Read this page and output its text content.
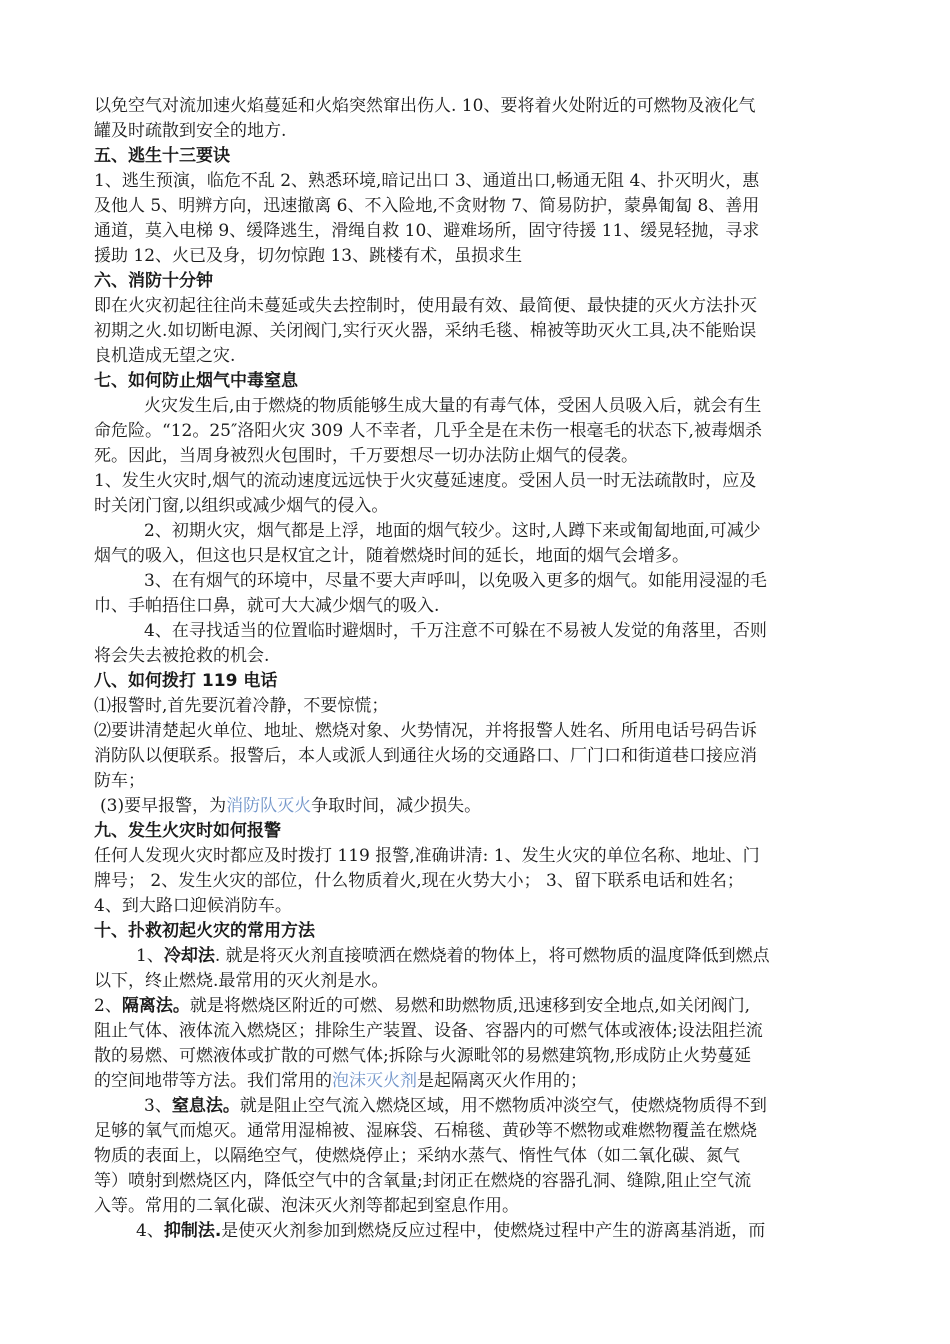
以免空气对流加速火焰蔓延和火焰突然窜出伤人. 10、要将着火处附近的可燃物及液化气
罐及时疏散到安全的地方.
五、逃生十三要诀
1、逃生预演，临危不乱 2、熟悉环境,暗记出口 3、通道出口,畅通无阻 4、扑灭明火，惠
及他人 5、明辨方向，迅速撤离 6、不入险地,不贪财物 7、简易防护，蒙鼻匍匐 8、善用
通道，莫入电梯 9、缓降逃生，滑绳自救 10、避难场所，固守待援 11、缓晃轻抛，寻求
援助 12、火已及身，切勿惊跑 13、跳楼有术，虽损求生
六、消防十分钟
即在火灾初起往往尚未蔓延或失去控制时，使用最有效、最简便、最快捷的灭火方法扑灭
初期之火.如切断电源、关闭阀门,实行灭火器，采纳毛毯、棉被等助灭火工具,决不能贻误
良机造成无望之灾.
七、如何防止烟气中毒窒息
火灾发生后,由于燃烧的物质能够生成大量的有毒气体，受困人员吸入后，就会有生
命危险。“12。25″洛阳火灾 309 人不幸者，几乎全是在未伤一根毫毛的状态下,被毒烟杀
死。因此，当周身被烈火包围时，千万要想尽一切办法防止烟气的侵袭。
1、发生火灾时,烟气的流动速度远远快于火灾蔓延速度。受困人员一时无法疏散时，应及
时关闭门窗,以组织或减少烟气的侵入。
2、初期火灾，烟气都是上浮，地面的烟气较少。这时,人蹲下来或匍匐地面,可减少
烟气的吸入，但这也只是权宜之计，随着燃烧时间的延长，地面的烟气会增多。
3、在有烟气的环境中，尽量不要大声呼叫，以免吸入更多的烟气。如能用浸湿的毛
巾、手帕捂住口鼻，就可大大减少烟气的吸入.
4、在寻找适当的位置临时避烟时，千万注意不可躲在不易被人发觉的角落里，否则
将会失去被抢救的机会.
八、如何拨打 119 电话
⑴报警时,首先要沉着冷静，不要惊慌；
⑵要讲清楚起火单位、地址、燃烧对象、火势情况，并将报警人姓名、所用电话号码告诉
消防队以便联系。报警后，本人或派人到通往火场的交通路口、厂门口和街道巷口接应消
防车；
(3)要早报警，为消防队灭火争取时间，减少损失。
九、发生火灾时如何报警
任何人发现火灾时都应及时拨打 119 报警,准确讲清: 1、发生火灾的单位名称、地址、门
牌号； 2、发生火灾的部位，什么物质着火,现在火势大小； 3、留下联系电话和姓名；
4、到大路口迎候消防车。
十、扑救初起火灾的常用方法
1、冷却法. 就是将灭火剂直接喷洒在燃烧着的物体上，将可燃物质的温度降低到燃点
以下，终止燃烧.最常用的灭火剂是水。
2、隔离法。就是将燃烧区附近的可燃、易燃和助燃物质,迅速移到安全地点,如关闭阀门,
阻止气体、液体流入燃烧区；排除生产装置、设备、容器内的可燃气体或液体;设法阻拦流
散的易燃、可燃液体或扩散的可燃气体;拆除与火源毗邻的易燃建筑物,形成防止火势蔓延
的空间地带等方法。我们常用的泡沫灭火剂是起隔离灭火作用的；
3、窒息法。就是阻止空气流入燃烧区域，用不燃物质冲淡空气，使燃烧物质得不到
足够的氧气而熄灭。通常用湿棉被、湿麻袋、石棉毯、黄砂等不燃物或难燃物覆盖在燃烧
物质的表面上，以隔绝空气，使燃烧停止；采纳水蒸气、惰性气体（如二氧化碳、氮气
等）喷射到燃烧区内，降低空气中的含氧量;封闭正在燃烧的容器孔洞、缝隙,阻止空气流
入等。常用的二氧化碳、泡沫灭火剂等都起到窒息作用。
4、抑制法.是使灭火剂参加到燃烧反应过程中，使燃烧过程中产生的游离基消逝，而
